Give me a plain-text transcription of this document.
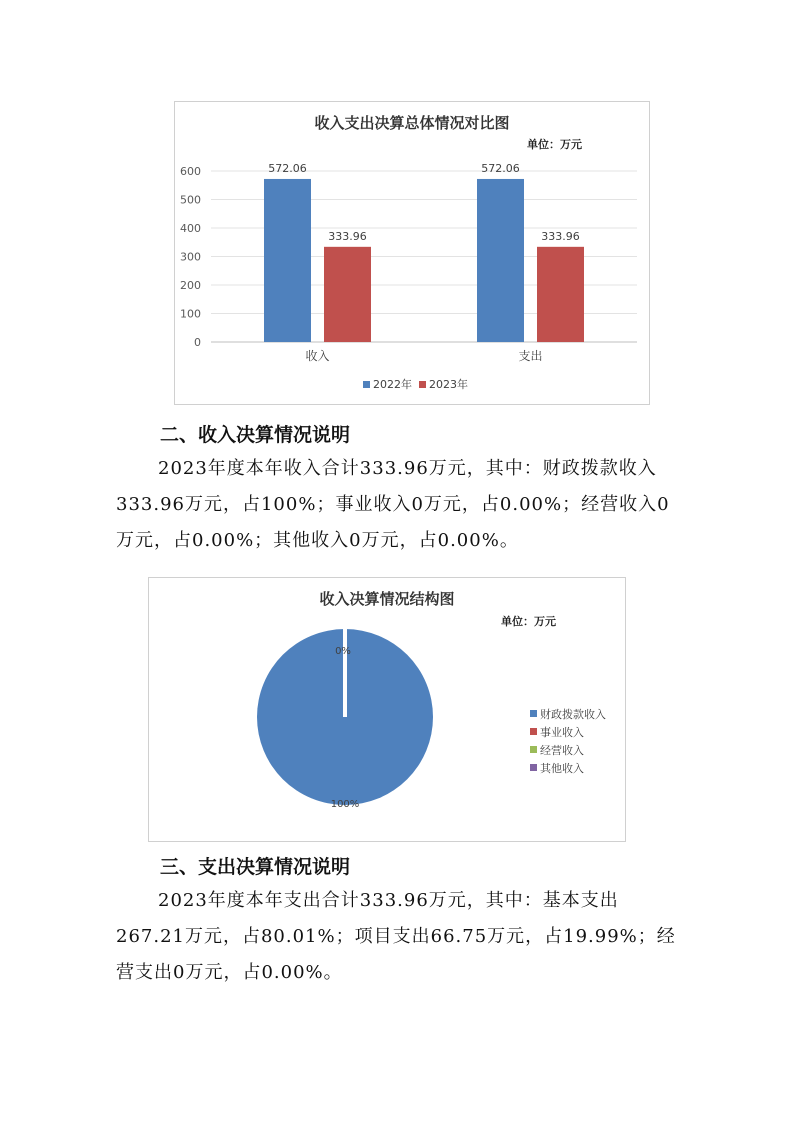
收入支出决算总体情况对比图
单位：万元
0
100
200
300
400
500
600
收入
572.06
333.96
支出
572.06
333.96
2022年 2023年
二、收入决算情况说明

2023年度本年收入合计333.96万元，其中：财政拨款收入333.96万元，占100%；事业收入0万元，占0.00%；经营收入0万元，占0.00%；其他收入0万元，占0.00%。

收入决算情况结构图
单位：万元
0%
100%
财政拨款收入
事业收入
经营收入
其他收入
三、支出决算情况说明

2023年度本年支出合计333.96万元，其中：基本支出267.21万元，占80.01%；项目支出66.75万元，占19.99%；经营支出0万元，占0.00%。
